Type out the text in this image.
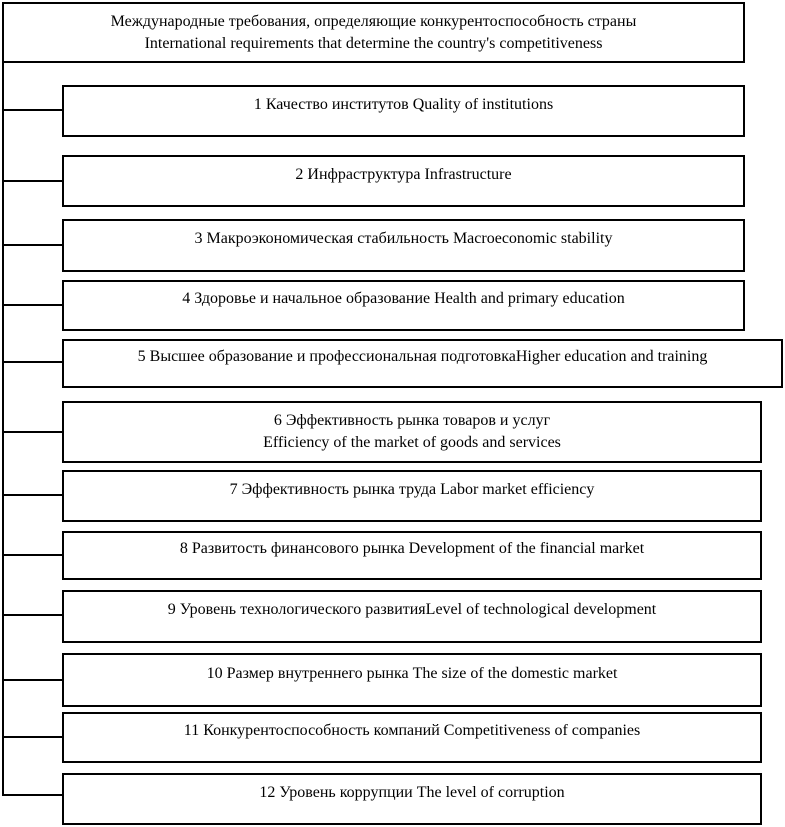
Международные требования, определяющие конкурентоспособность страны
International requirements that determine the country's competitiveness
1 Качество институтов Quality of institutions
2 Инфраструктура Infrastructure
3 Макроэкономическая стабильность Macroeconomic stability
4 Здоровье и начальное образование Health and primary education
5 Высшее образование и профессиональная подготовкаHigher education and training
6 Эффективность рынка товаров и услуг
Efficiency of the market of goods and services
7 Эффективность рынка труда Labor market efficiency
8 Развитость финансового рынка Development of the financial market
9 Уровень технологического развитияLevel of technological development
10 Размер внутреннего рынка The size of the domestic market
11 Конкурентоспособность компаний Competitiveness of companies
12 Уровень коррупции The level of corruption
